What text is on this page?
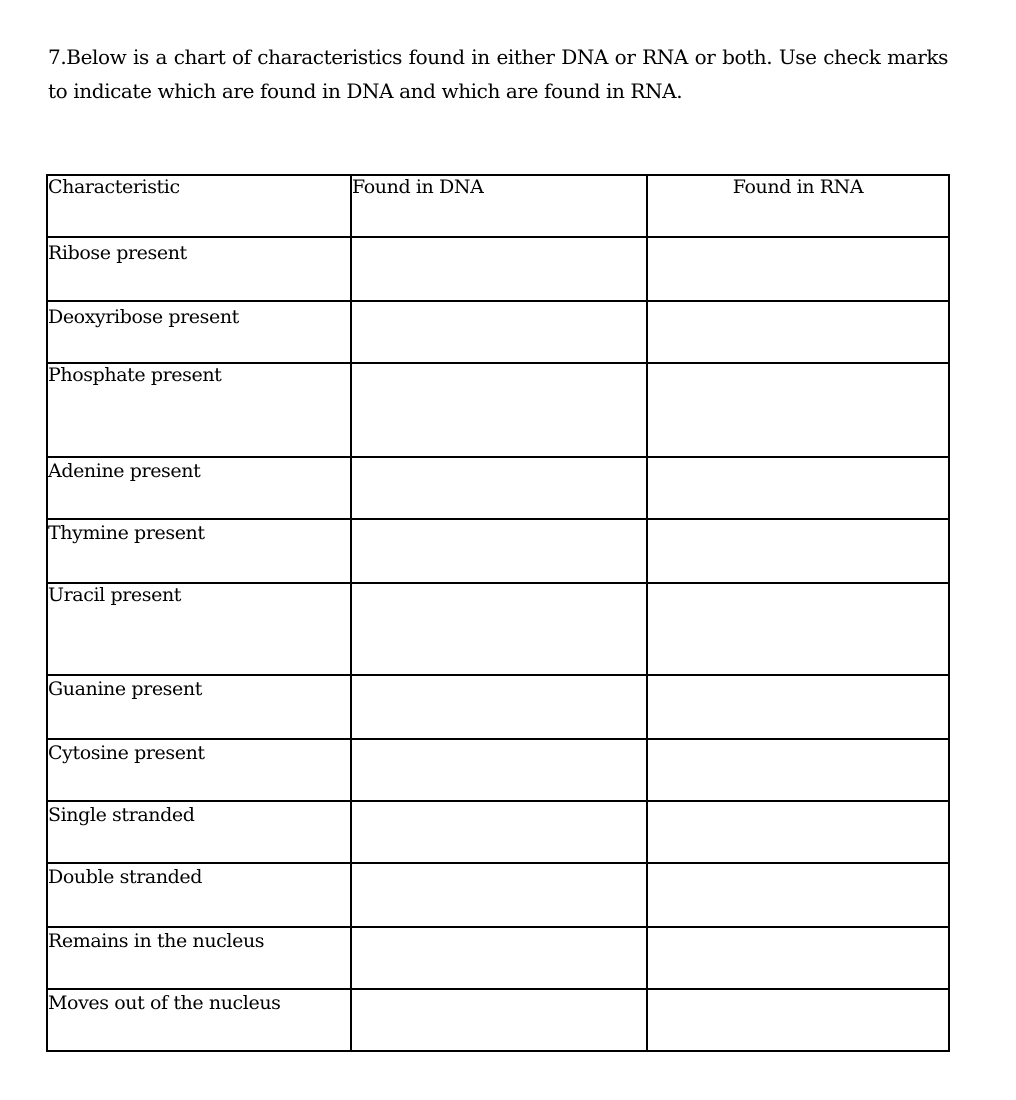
7.Below is a chart of characteristics found in either DNA or RNA or both. Use check marks to indicate which are found in DNA and which are found in RNA.
Characteristic	Found in DNA	Found in RNA

Ribose present		

Deoxyribose present		

Phosphate present		

Adenine present		

Thymine present		

Uracil present		

Guanine present		

Cytosine present		

Single stranded		

Double stranded		

Remains in the nucleus		

Moves out of the nucleus		
